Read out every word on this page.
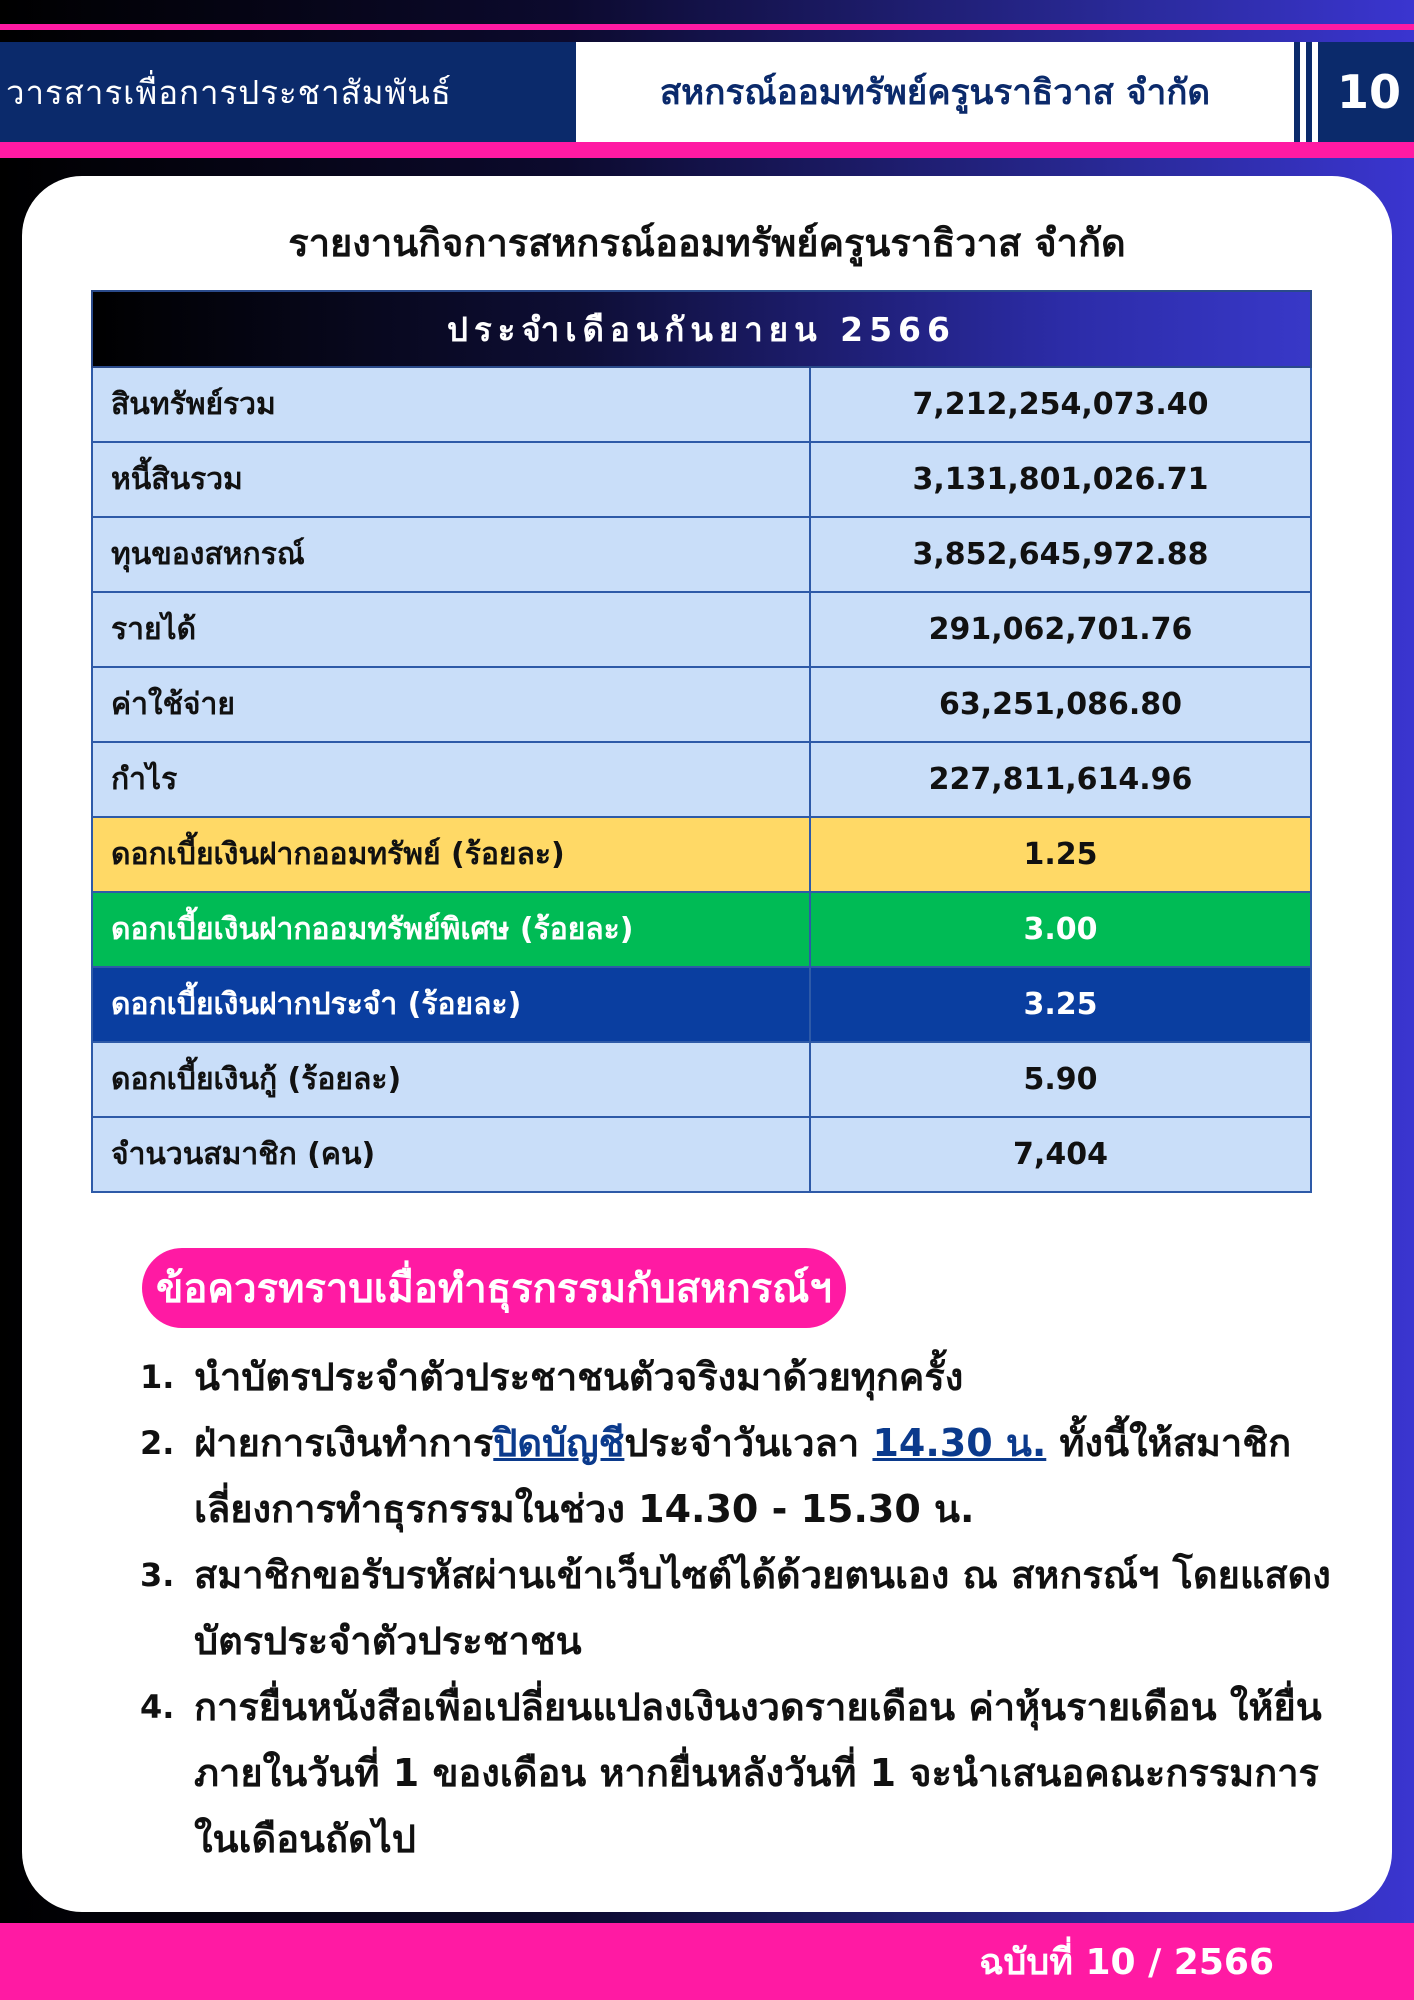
วารสารเพื่อการประชาสัมพันธ์	สหกรณ์ออมทรัพย์ครูนราธิวาส จำกัด	10
รายงานกิจการสหกรณ์ออมทรัพย์ครูนราธิวาส จำกัด
ประจำเดือนกันยายน 2566	
สินทรัพย์รวม	7,212,254,073.40
หนี้สินรวม	3,131,801,026.71
ทุนของสหกรณ์	3,852,645,972.88
รายได้	291,062,701.76
ค่าใช้จ่าย	63,251,086.80
กำไร	227,811,614.96
ดอกเบี้ยเงินฝากออมทรัพย์ (ร้อยละ)	1.25
ดอกเบี้ยเงินฝากออมทรัพย์พิเศษ (ร้อยละ)	3.00
ดอกเบี้ยเงินฝากประจำ (ร้อยละ)	3.25
ดอกเบี้ยเงินกู้ (ร้อยละ)	5.90
จำนวนสมาชิก (คน)	7,404
ข้อควรทราบเมื่อทำธุรกรรมกับสหกรณ์ฯ
1. นำบัตรประจำตัวประชาชนตัวจริงมาด้วยทุกครั้ง
2. ฝ่ายการเงินทำการปิดบัญชีประจำวันเวลา 14.30 น. ทั้งนี้ให้สมาชิกเลี่ยงการทำธุรกรรมในช่วง 14.30 - 15.30 น.
3. สมาชิกขอรับรหัสผ่านเข้าเว็บไซต์ได้ด้วยตนเอง ณ สหกรณ์ฯ โดยแสดงบัตรประจำตัวประชาชน
4. การยื่นหนังสือเพื่อเปลี่ยนแปลงเงินงวดรายเดือน ค่าหุ้นรายเดือน ให้ยื่นภายในวันที่ 1 ของเดือน หากยื่นหลังวันที่ 1 จะนำเสนอคณะกรรมการในเดือนถัดไป
ฉบับที่ 10 / 2566
